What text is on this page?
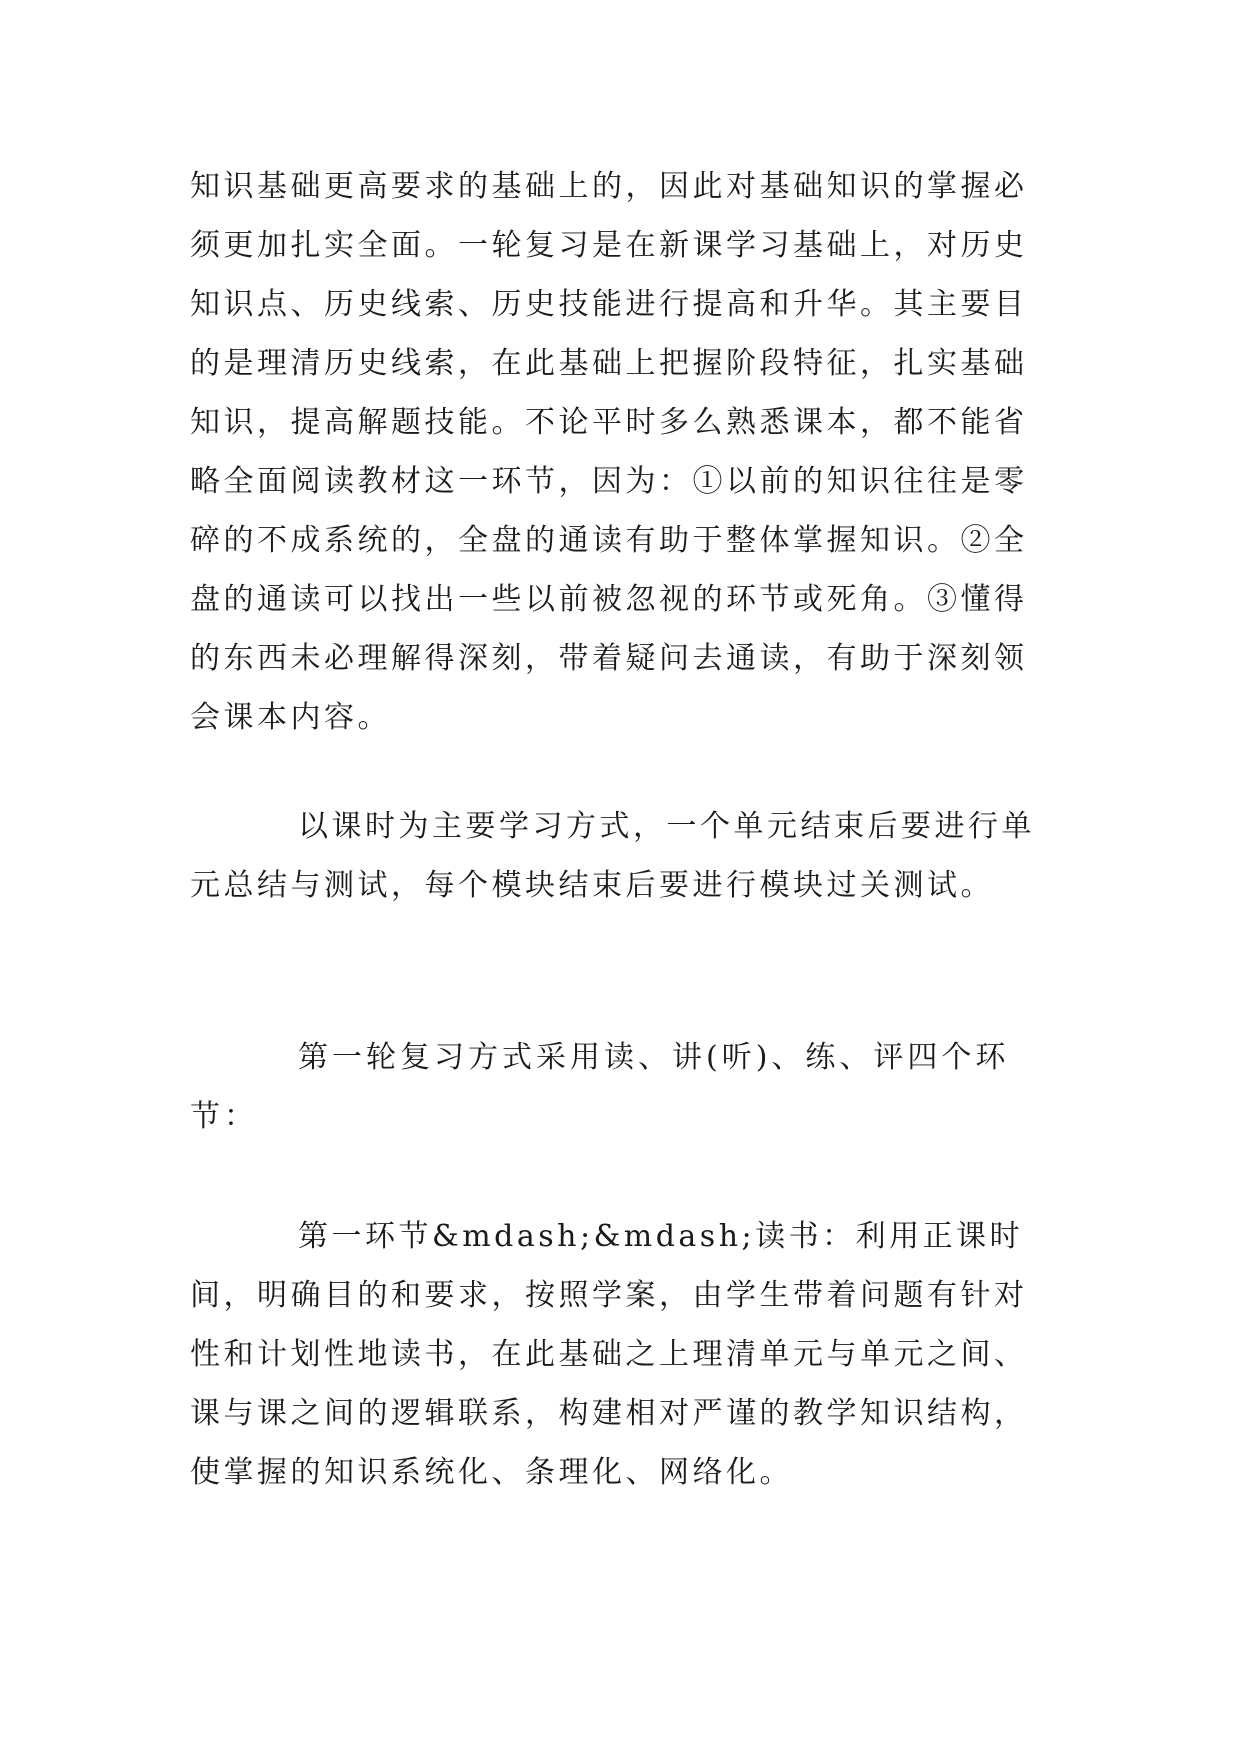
知识基础更高要求的基础上的，因此对基础知识的掌握必须更加扎实全面。一轮复习是在新课学习基础上，对历史知识点、历史线索、历史技能进行提高和升华。其主要目的是理清历史线索，在此基础上把握阶段特征，扎实基础知识，提高解题技能。不论平时多么熟悉课本，都不能省略全面阅读教材这一环节，因为：①以前的知识往往是零碎的不成系统的，全盘的通读有助于整体掌握知识。②全盘的通读可以找出一些以前被忽视的环节或死角。③懂得的东西未必理解得深刻，带着疑问去通读，有助于深刻领会课本内容。

以课时为主要学习方式，一个单元结束后要进行单元总结与测试，每个模块结束后要进行模块过关测试。

第一轮复习方式采用读、讲(听)、练、评四个环节：

第一环节&mdash;&mdash;读书：利用正课时间，明确目的和要求，按照学案，由学生带着问题有针对性和计划性地读书，在此基础之上理清单元与单元之间、课与课之间的逻辑联系，构建相对严谨的教学知识结构，使掌握的知识系统化、条理化、网络化。
